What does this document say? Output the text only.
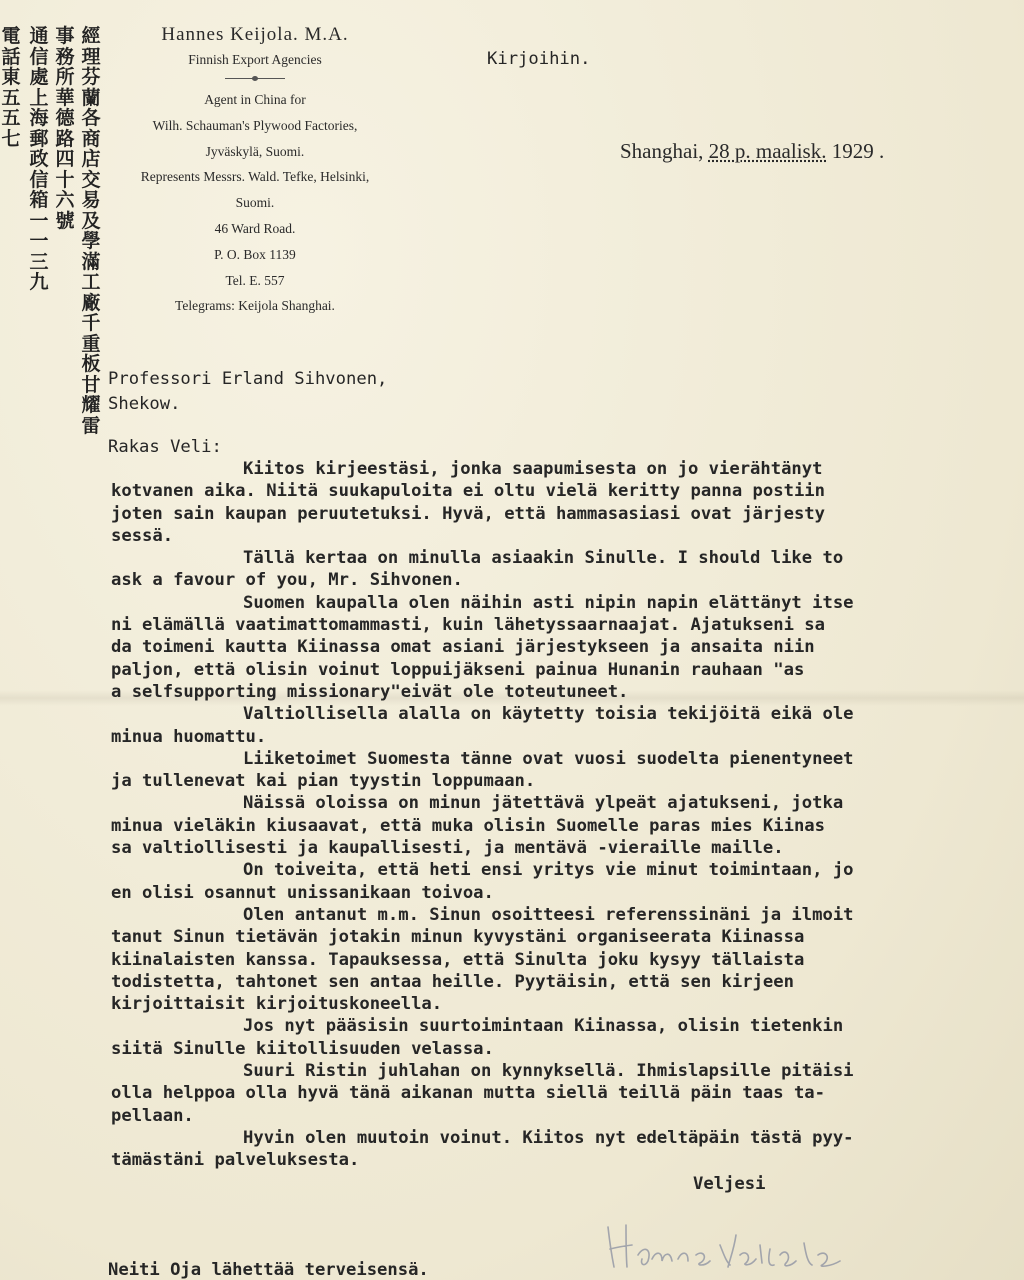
電
話
東
五
五
七
通
信
處
上
海
郵
政
信
箱
一
一
三
九
事
務
所
華
德
路
四
十
六
號
經
理
芬
蘭
各
商
店
交
易
及
學
滿
工
廠
千
重
板
甘
耀
雷
Hannes Keijola. M.A.
Finnish Export Agencies
Agent in China for
Wilh. Schauman's Plywood Factories,
Jyväskylä, Suomi.
Represents Messrs. Wald. Tefke, Helsinki,
Suomi.
46 Ward Road.
P. O. Box 1139
Tel. E. 557
Telegrams: Keijola Shanghai.
Kirjoihin.
Shanghai, 28 p. maalisk. 1929 .
Professori Erland Sihvonen,
Shekow.
Rakas Veli:
Kiitos kirjeestäsi, jonka saapumisesta on jo vierähtänyt
kotvanen aika. Niitä suukapuloita ei oltu vielä keritty panna postiin
joten sain kaupan peruutetuksi. Hyvä, että hammasasiasi ovat järjesty
sessä.
Tällä kertaa on minulla asiaakin Sinulle. I should like to
ask a favour of you, Mr. Sihvonen.
Suomen kaupalla olen näihin asti nipin napin elättänyt itse
ni elämällä vaatimattomammasti, kuin lähetyssaarnaajat. Ajatukseni sa
da toimeni kautta Kiinassa omat asiani järjestykseen ja ansaita niin
paljon, että olisin voinut loppuijäkseni painua Hunanin rauhaan "as
a selfsupporting missionary"eivät ole toteutuneet.
Valtiollisella alalla on käytetty toisia tekijöitä eikä ole
minua huomattu.
Liiketoimet Suomesta tänne ovat vuosi suodelta pienentyneet
ja tullenevat kai pian tyystin loppumaan.
Näissä oloissa on minun jätettävä ylpeät ajatukseni, jotka
minua vieläkin kiusaavat, että muka olisin Suomelle paras mies Kiinas
sa valtiollisesti ja kaupallisesti, ja mentävä -vieraille maille.
On toiveita, että heti ensi yritys vie minut toimintaan, jo
en olisi osannut unissanikaan toivoa.
Olen antanut m.m. Sinun osoitteesi referenssinäni ja ilmoit
tanut Sinun tietävän jotakin minun kyvystäni organiseerata Kiinassa
kiinalaisten kanssa. Tapauksessa, että Sinulta joku kysyy tällaista
todistetta, tahtonet sen antaa heille. Pyytäisin, että sen kirjeen
kirjoittaisit kirjoituskoneella.
Jos nyt pääsisin suurtoimintaan Kiinassa, olisin tietenkin
siitä Sinulle kiitollisuuden velassa.
Suuri Ristin juhlahan on kynnyksellä. Ihmislapsille pitäisi
olla helppoa olla hyvä tänä aikanan mutta siellä teillä päin taas ta-
pellaan.
Hyvin olen muutoin voinut. Kiitos nyt edeltäpäin tästä pyy-
tämästäni palveluksesta.
Veljesi
Neiti Oja lähettää terveisensä.
